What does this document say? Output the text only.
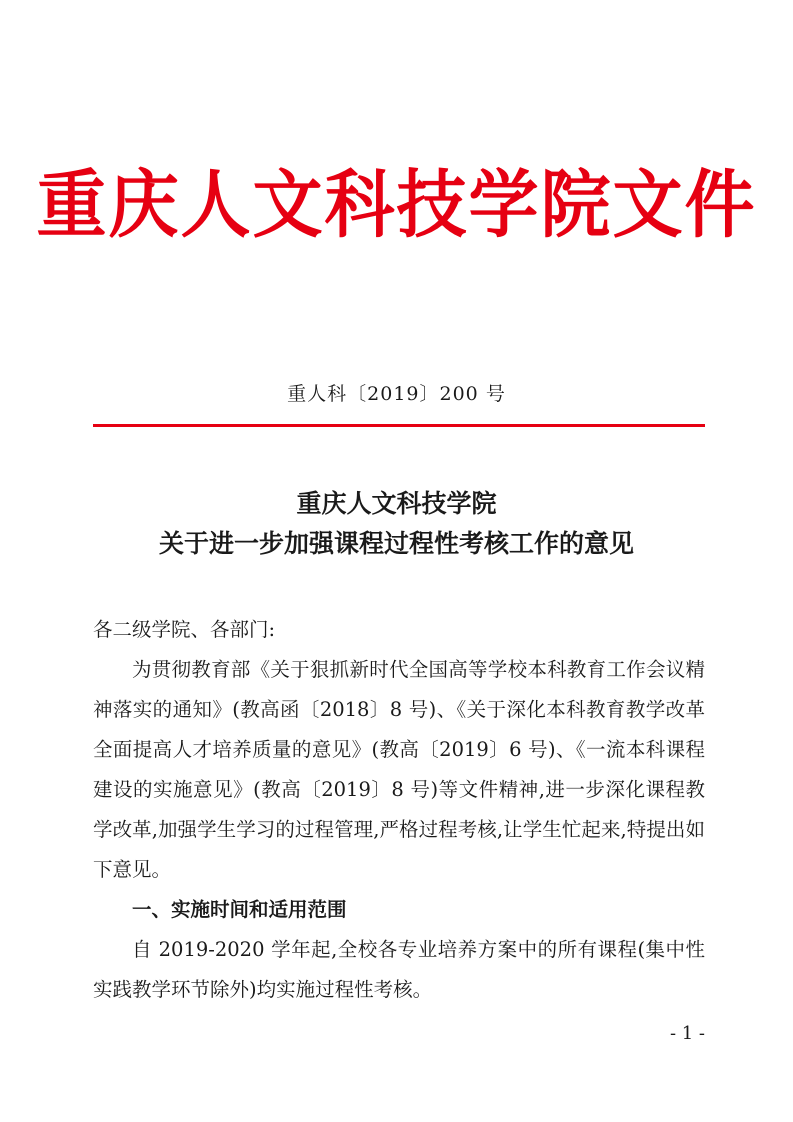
重庆人文科技学院文件
重人科〔2019〕200 号
重庆人文科技学院
关于进一步加强课程过程性考核工作的意见

各二级学院、各部门:

为贯彻教育部《关于狠抓新时代全国高等学校本科教育工作会议精神落实的通知》(教高函〔2018〕8 号)、《关于深化本科教育教学改革全面提高人才培养质量的意见》(教高〔2019〕6 号)、《一流本科课程建设的实施意见》(教高〔2019〕8 号)等文件精神,进一步深化课程教学改革,加强学生学习的过程管理,严格过程考核,让学生忙起来,特提出如下意见。

一、实施时间和适用范围

自 2019-2020 学年起,全校各专业培养方案中的所有课程(集中性实践教学环节除外)均实施过程性考核。

- 1 -
